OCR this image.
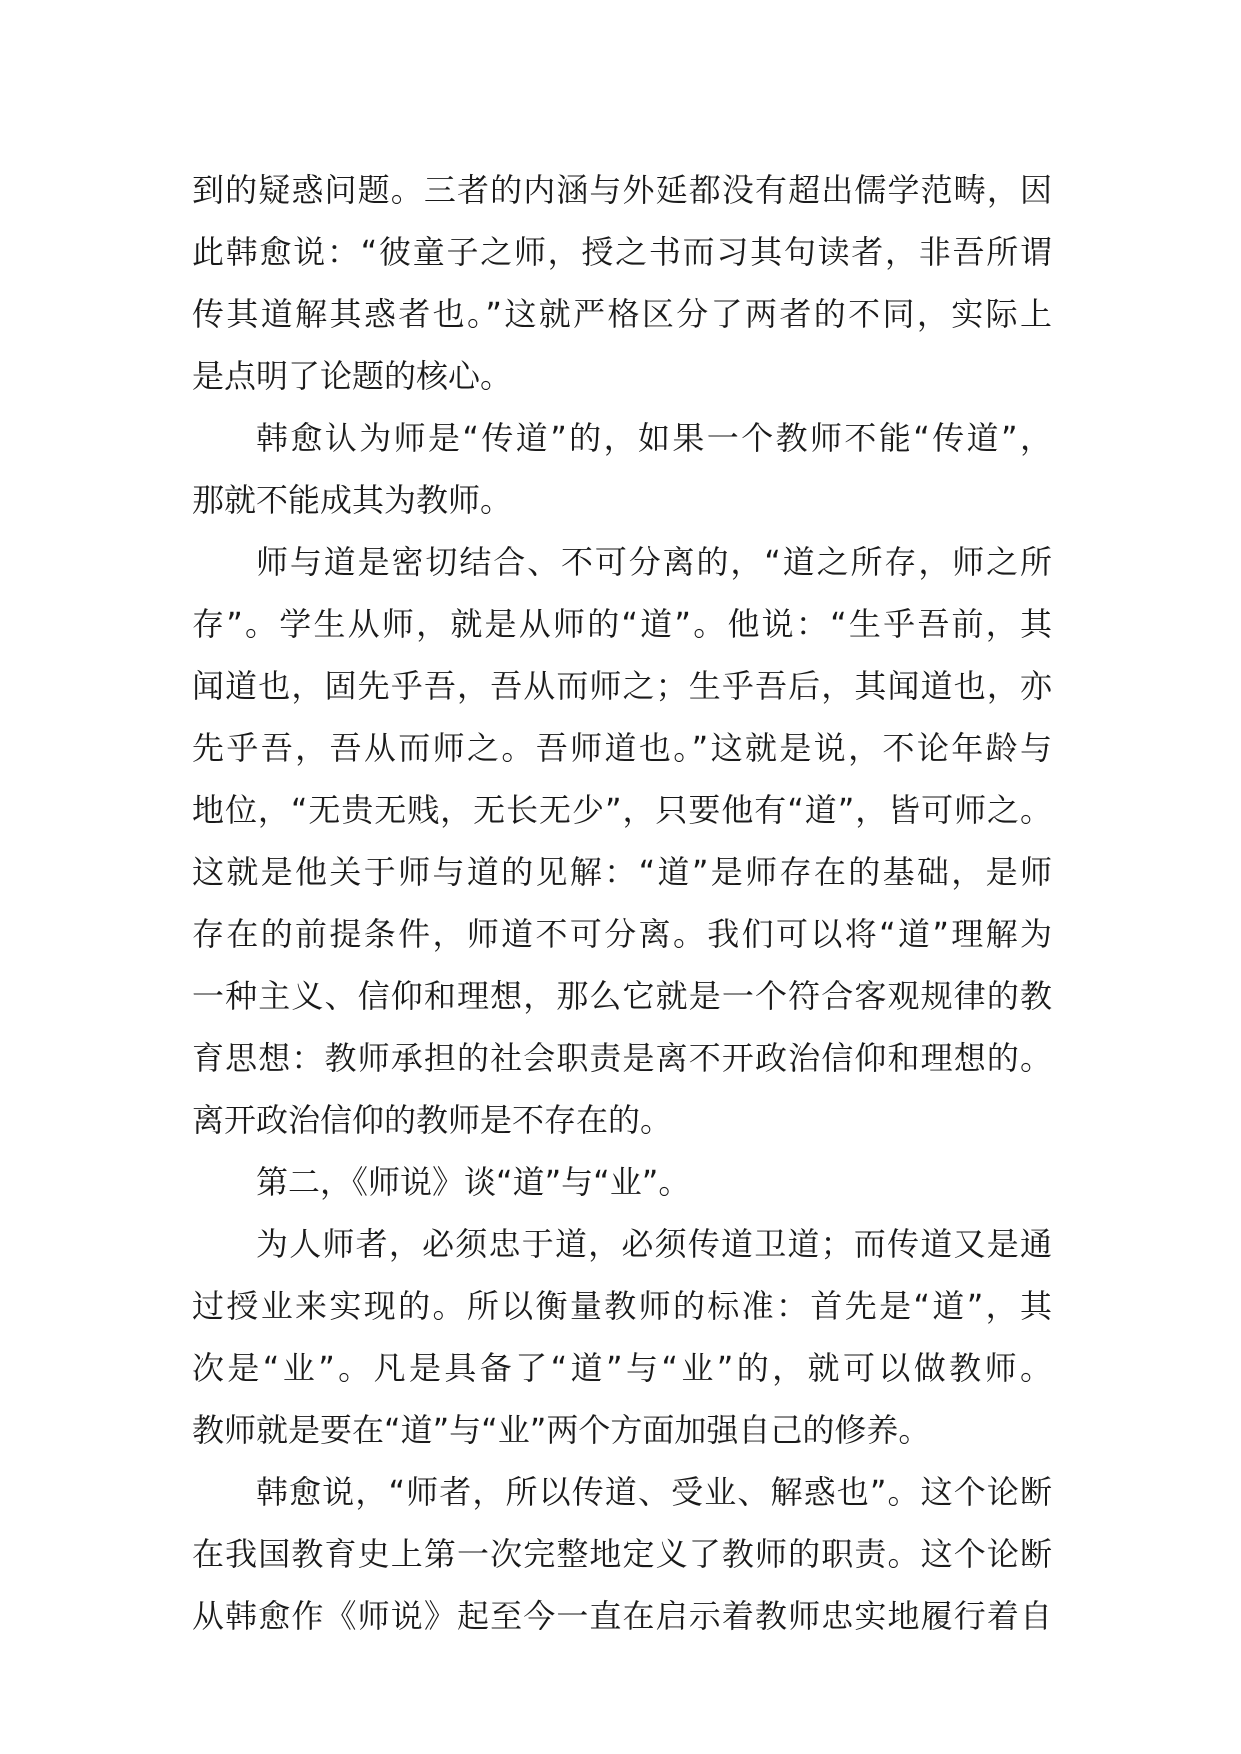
到的疑惑问题。三者的内涵与外延都没有超出儒学范畴，因

此韩愈说：“彼童子之师，授之书而习其句读者，非吾所谓

传其道解其惑者也。”这就严格区分了两者的不同，实际上

是点明了论题的核心。

韩愈认为师是“传道”的，如果一个教师不能“传道”，

那就不能成其为教师。

师与道是密切结合、不可分离的，“道之所存，师之所

存”。学生从师，就是从师的“道”。他说：“生乎吾前，其

闻道也，固先乎吾，吾从而师之；生乎吾后，其闻道也，亦

先乎吾，吾从而师之。吾师道也。”这就是说，不论年龄与

地位，“无贵无贱，无长无少”，只要他有“道”，皆可师之。

这就是他关于师与道的见解：“道”是师存在的基础，是师

存在的前提条件，师道不可分离。我们可以将“道”理解为

一种主义、信仰和理想，那么它就是一个符合客观规律的教

育思想：教师承担的社会职责是离不开政治信仰和理想的。

离开政治信仰的教师是不存在的。

第二，《师说》谈“道”与“业”。

为人师者，必须忠于道，必须传道卫道；而传道又是通

过授业来实现的。所以衡量教师的标准：首先是“道”，其

次是“业”。凡是具备了“道”与“业”的，就可以做教师。

教师就是要在“道”与“业”两个方面加强自己的修养。

韩愈说，“师者，所以传道、受业、解惑也”。这个论断

在我国教育史上第一次完整地定义了教师的职责。这个论断

从韩愈作《师说》起至今一直在启示着教师忠实地履行着自
